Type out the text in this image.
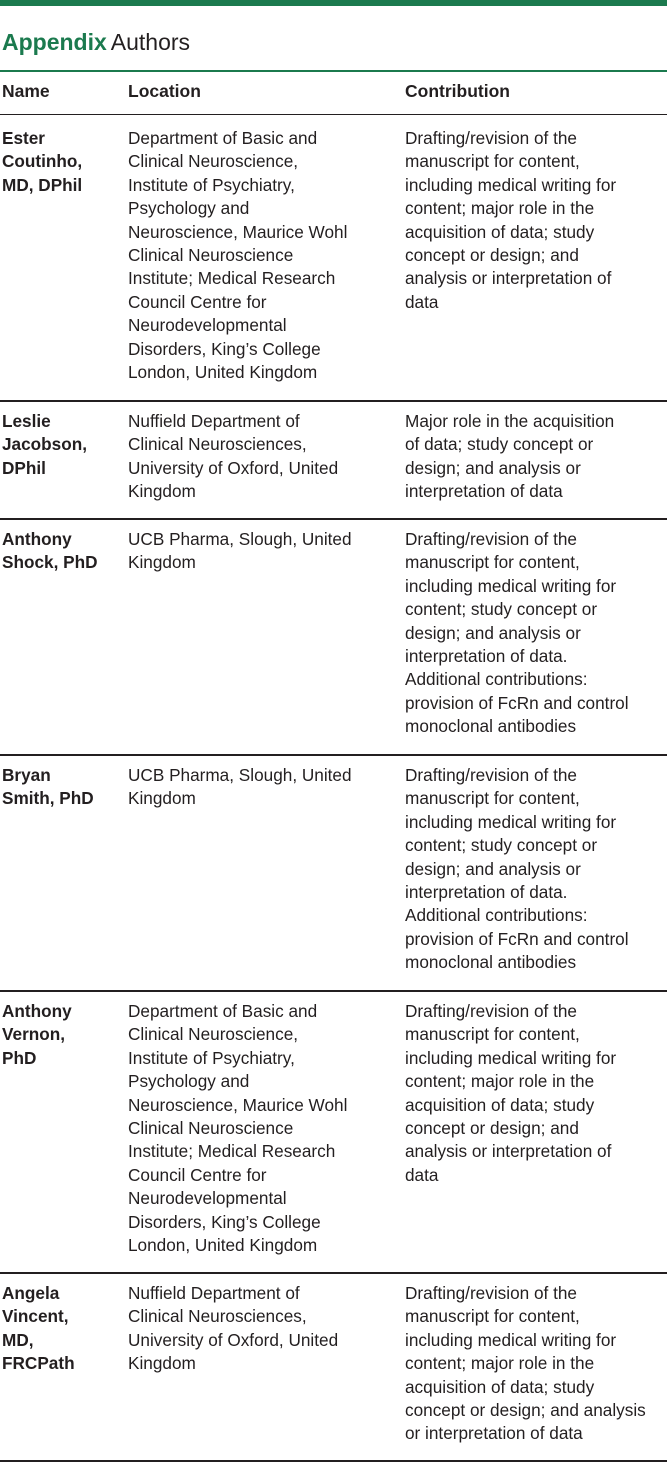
Appendix Authors
Name	Location	Contribution
Ester
Coutinho,
MD, DPhil
Department of Basic and
Clinical Neuroscience,
Institute of Psychiatry,
Psychology and
Neuroscience, Maurice Wohl
Clinical Neuroscience
Institute; Medical Research
Council Centre for
Neurodevelopmental
Disorders, King’s College
London, United Kingdom
Drafting/revision of the
manuscript for content,
including medical writing for
content; major role in the
acquisition of data; study
concept or design; and
analysis or interpretation of
data
Leslie
Jacobson,
DPhil
Nuffield Department of
Clinical Neurosciences,
University of Oxford, United
Kingdom
Major role in the acquisition
of data; study concept or
design; and analysis or
interpretation of data
Anthony
Shock, PhD
UCB Pharma, Slough, United
Kingdom
Drafting/revision of the
manuscript for content,
including medical writing for
content; study concept or
design; and analysis or
interpretation of data.
Additional contributions:
provision of FcRn and control
monoclonal antibodies
Bryan
Smith, PhD
UCB Pharma, Slough, United
Kingdom
Drafting/revision of the
manuscript for content,
including medical writing for
content; study concept or
design; and analysis or
interpretation of data.
Additional contributions:
provision of FcRn and control
monoclonal antibodies
Anthony
Vernon,
PhD
Department of Basic and
Clinical Neuroscience,
Institute of Psychiatry,
Psychology and
Neuroscience, Maurice Wohl
Clinical Neuroscience
Institute; Medical Research
Council Centre for
Neurodevelopmental
Disorders, King’s College
London, United Kingdom
Drafting/revision of the
manuscript for content,
including medical writing for
content; major role in the
acquisition of data; study
concept or design; and
analysis or interpretation of
data
Angela
Vincent,
MD,
FRCPath
Nuffield Department of
Clinical Neurosciences,
University of Oxford, United
Kingdom
Drafting/revision of the
manuscript for content,
including medical writing for
content; major role in the
acquisition of data; study
concept or design; and analysis
or interpretation of data
